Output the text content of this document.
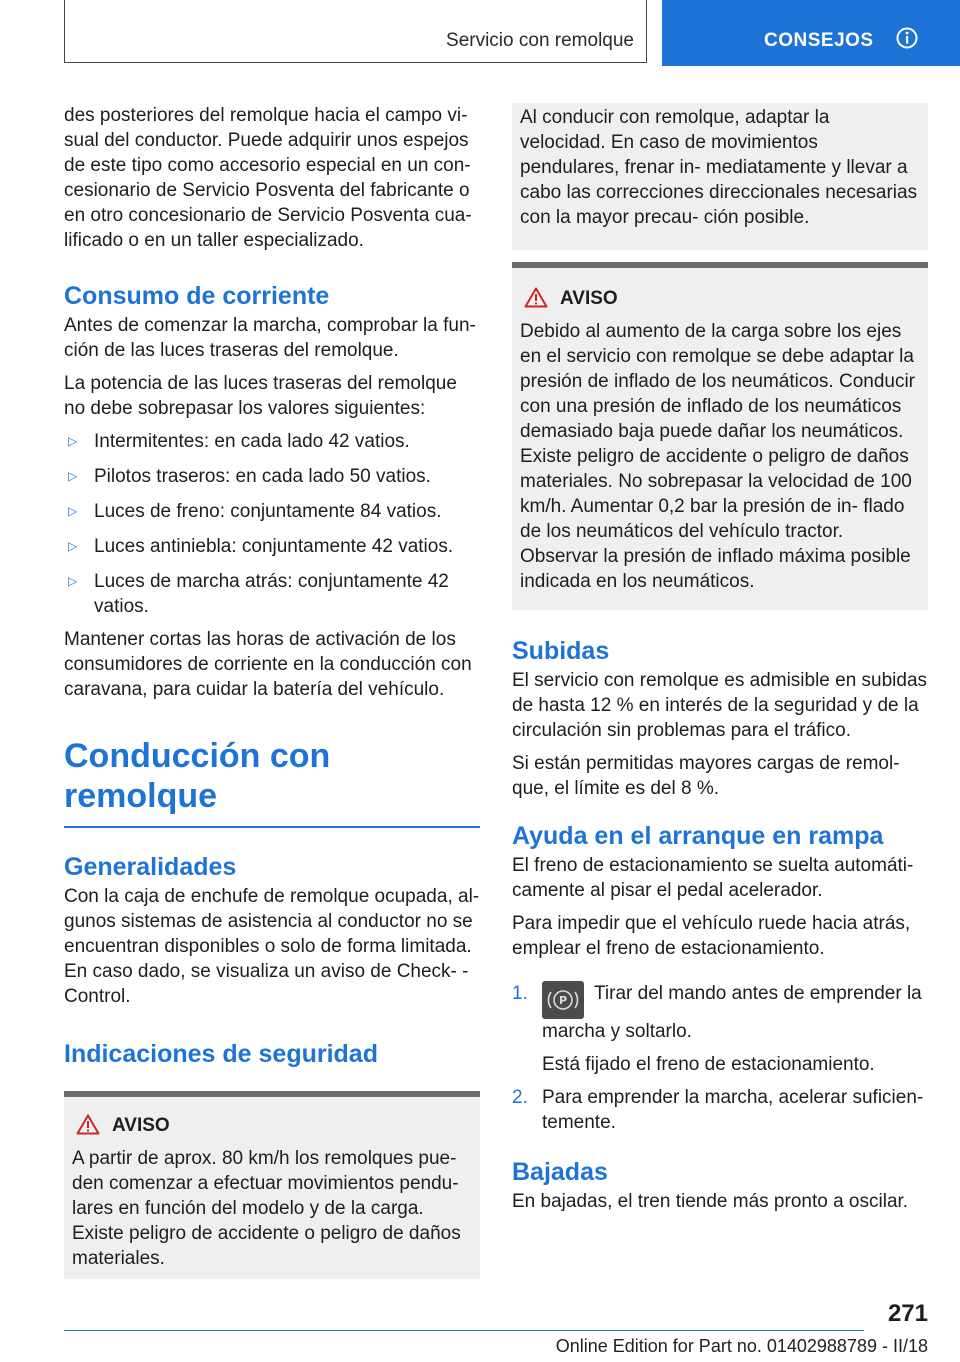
Servicio con remolque	CONSEJOS

des posteriores del remolque hacia el campo vi‐ sual del conductor. Puede adquirir unos espejos de este tipo como accesorio especial en un con‐ cesionario de Servicio Posventa del fabricante o en otro concesionario de Servicio Posventa cua‐ lificado o en un taller especializado.

Consumo de corriente

Antes de comenzar la marcha, comprobar la fun‐ ción de las luces traseras del remolque.

La potencia de las luces traseras del remolque no debe sobrepasar los valores siguientes:

▷ Intermitentes: en cada lado 42 vatios.
▷ Pilotos traseros: en cada lado 50 vatios.
▷ Luces de freno: conjuntamente 84 vatios.
▷ Luces antiniebla: conjuntamente 42 vatios.
▷ Luces de marcha atrás: conjuntamente 42 vatios.

Mantener cortas las horas de activación de los consumidores de corriente en la conducción con caravana, para cuidar la batería del vehículo.

Conducción con remolque
Generalidades

Con la caja de enchufe de remolque ocupada, al‐ gunos sistemas de asistencia al conductor no se encuentran disponibles o solo de forma limitada. En caso dado, se visualiza un aviso de Check- -Control.

Indicaciones de seguridad
AVISO

A partir de aprox. 80 km/h los remolques pue‐ den comenzar a efectuar movimientos pendu‐ lares en función del modelo y de la carga. Existe peligro de accidente o peligro de daños materiales.

Al conducir con remolque, adaptar la velocidad. En caso de movimientos pendulares, frenar in‐ mediatamente y llevar a cabo las correcciones direccionales necesarias con la mayor precau‐ ción posible.

AVISO

Debido al aumento de la carga sobre los ejes en el servicio con remolque se debe adaptar la presión de inflado de los neumáticos. Conducir con una presión de inflado de los neumáticos demasiado baja puede dañar los neumáticos. Existe peligro de accidente o peligro de daños materiales. No sobrepasar la velocidad de 100 km/h. Aumentar 0,2 bar la presión de in‐ flado de los neumáticos del vehículo tractor. Observar la presión de inflado máxima posible indicada en los neumáticos.

Subidas

El servicio con remolque es admisible en subidas de hasta 12 % en interés de la seguridad y de la circulación sin problemas para el tráfico.

Si están permitidas mayores cargas de remol‐ que, el límite es del 8 %.

Ayuda en el arranque en rampa

El freno de estacionamiento se suelta automáti‐ camente al pisar el pedal acelerador.

Para impedir que el vehículo ruede hacia atrás, emplear el freno de estacionamiento.

1.	P Tirar del mando antes de emprender la marcha y soltarlo.

Está fijado el freno de estacionamiento.

2. Para emprender la marcha, acelerar suficien‐ temente.

Bajadas

En bajadas, el tren tiende más pronto a oscilar.

271
Online Edition for Part no. 01402988789 - II/18
